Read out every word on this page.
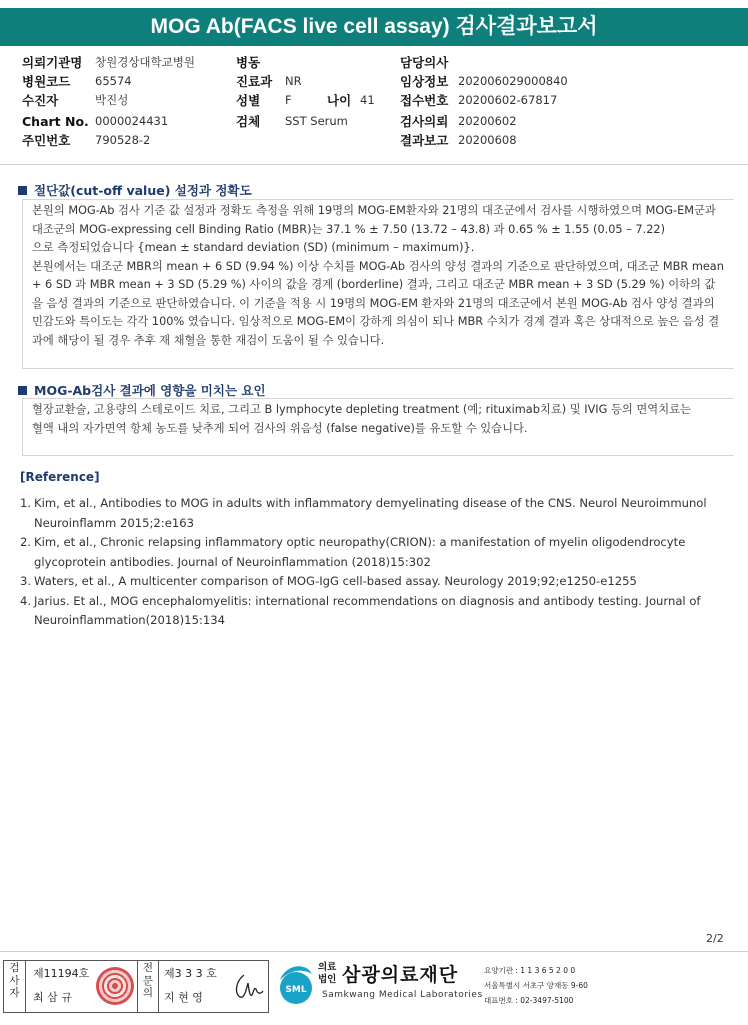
MOG Ab(FACS live cell assay) 검사결과보고서
의뢰기관명 창원경상대학교병원
병원코드 65574
수진자	박진성
Chart No. 0000024431
주민번호 790528-2
병동
진료과 NR
성별 F	나이 41
검체 SST Serum
담당의사
임상정보 202006029000840
접수번호 20200602-67817
검사의뢰 20200602
결과보고 20200608
절단값(cut-off value) 설정과 정확도

본원의 MOG-Ab 검사 기준 값 설정과 정확도 측정을 위해 19명의 MOG-EM환자와 21명의 대조군에서 검사를 시행하였으며 MOG-EM군과 대조군의 MOG-expressing cell Binding Ratio (MBR)는 37.1 % ± 7.50 (13.72 – 43.8) 과 0.65 % ± 1.55 (0.05 – 7.22)

으로 측정되었습니다 {mean ± standard deviation (SD) (minimum – maximum)}.

본원에서는 대조군 MBR의 mean + 6 SD (9.94 %) 이상 수치를 MOG-Ab 검사의 양성 결과의 기준으로 판단하였으며, 대조군 MBR mean + 6 SD 과 MBR mean + 3 SD (5.29 %) 사이의 값을 경계 (borderline) 결과, 그리고 대조군 MBR mean + 3 SD (5.29 %) 이하의 값을 음성 결과의 기준으로 판단하였습니다. 이 기준을 적용 시 19명의 MOG-EM 환자와 21명의 대조군에서 본원 MOG-Ab 검사 양성 결과의 민감도와 특이도는 각각 100% 였습니다. 임상적으로 MOG-EM이 강하게 의심이 되나 MBR 수치가 경계 결과 혹은 상대적으로 높은 음성 결과에 해당이 될 경우 추후 재 채혈을 통한 재검이 도움이 될 수 있습니다.

MOG-Ab검사 결과에 영향을 미치는 요인

혈장교환술, 고용량의 스테로이드 치료, 그리고 B lymphocyte depleting treatment (예; rituximab치료) 및 IVIG 등의 면역치료는

혈액 내의 자가면역 항체 농도를 낮추게 되어 검사의 위음성 (false negative)를 유도할 수 있습니다.

[Reference]
1. Kim, et al., Antibodies to MOG in adults with inflammatory demyelinating disease of the CNS. Neurol Neuroimmunol Neuroinflamm 2015;2:e163
2. Kim, et al., Chronic relapsing inflammatory optic neuropathy(CRION): a manifestation of myelin oligodendrocyte glycoprotein antibodies. Journal of Neuroinflammation (2018)15:302
3. Waters, et al., A multicenter comparison of MOG-IgG cell-based assay. Neurology 2019;92;e1250-e1255
4. Jarius. Et al., MOG encephalomyelitis: international recommendations on diagnosis and antibody testing. Journal of Neuroinflammation(2018)15:134
2/2
검
사
자
제11194호
최 삼 규
전
문
의
제3 3 3 호
지 현 영
SML
의료
법인 삼광의료재단
Samkwang Medical Laboratories
요양기관 : 1 1 3 6 5 2 0 0
서울특별시 서초구 양재동 9-60
대표번호 : 02-3497-5100
